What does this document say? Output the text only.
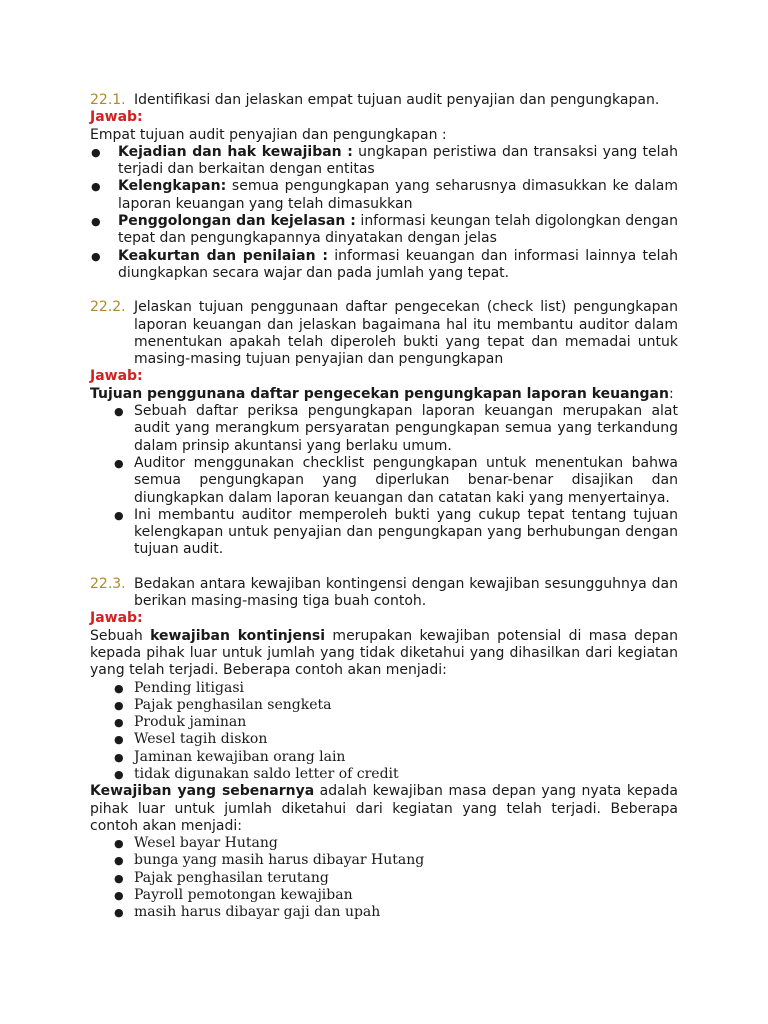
22.1. Identifikasi dan jelaskan empat tujuan audit penyajian dan pengungkapan.
Jawab:

Empat tujuan audit penyajian dan pengungkapan :

●	Kejadian dan hak kewajiban : ungkapan peristiwa dan transaksi yang telah terjadi dan berkaitan dengan entitas
●	Kelengkapan: semua pengungkapan yang seharusnya dimasukkan ke dalam laporan keuangan yang telah dimasukkan
●	Penggolongan dan kejelasan : informasi keungan telah digolongkan dengan tepat dan pengungkapannya dinyatakan dengan jelas
●	Keakurtan dan penilaian : informasi keuangan dan informasi lainnya telah diungkapkan secara wajar dan pada jumlah yang tepat.
22.2. Jelaskan tujuan penggunaan daftar pengecekan (check list) pengungkapan laporan keuangan dan jelaskan bagaimana hal itu membantu auditor dalam menentukan apakah telah diperoleh bukti yang tepat dan memadai untuk masing-masing tujuan penyajian dan pengungkapan
Jawab:

Tujuan penggunana daftar pengecekan pengungkapan laporan keuangan:

● Sebuah daftar periksa pengungkapan laporan keuangan merupakan alat audit yang merangkum persyaratan pengungkapan semua yang terkandung dalam prinsip akuntansi yang berlaku umum.
● Auditor menggunakan checklist pengungkapan untuk menentukan bahwa semua pengungkapan yang diperlukan benar-benar disajikan dan diungkapkan dalam laporan keuangan dan catatan kaki yang menyertainya.
● Ini membantu auditor memperoleh bukti yang cukup tepat tentang tujuan kelengkapan untuk penyajian dan pengungkapan yang berhubungan dengan tujuan audit.
22.3. Bedakan antara kewajiban kontingensi dengan kewajiban sesungguhnya dan berikan masing-masing tiga buah contoh.
Jawab:

Sebuah kewajiban kontinjensi merupakan kewajiban potensial di masa depan kepada pihak luar untuk jumlah yang tidak diketahui yang dihasilkan dari kegiatan yang telah terjadi. Beberapa contoh akan menjadi:

● Pending litigasi
● Pajak penghasilan sengketa
● Produk jaminan
● Wesel tagih diskon
● Jaminan kewajiban orang lain
● tidak digunakan saldo letter of credit

Kewajiban yang sebenarnya adalah kewajiban masa depan yang nyata kepada pihak luar untuk jumlah diketahui dari kegiatan yang telah terjadi. Beberapa contoh akan menjadi:

● Wesel bayar Hutang
● bunga yang masih harus dibayar Hutang
● Pajak penghasilan terutang
● Payroll pemotongan kewajiban
● masih harus dibayar gaji dan upah
